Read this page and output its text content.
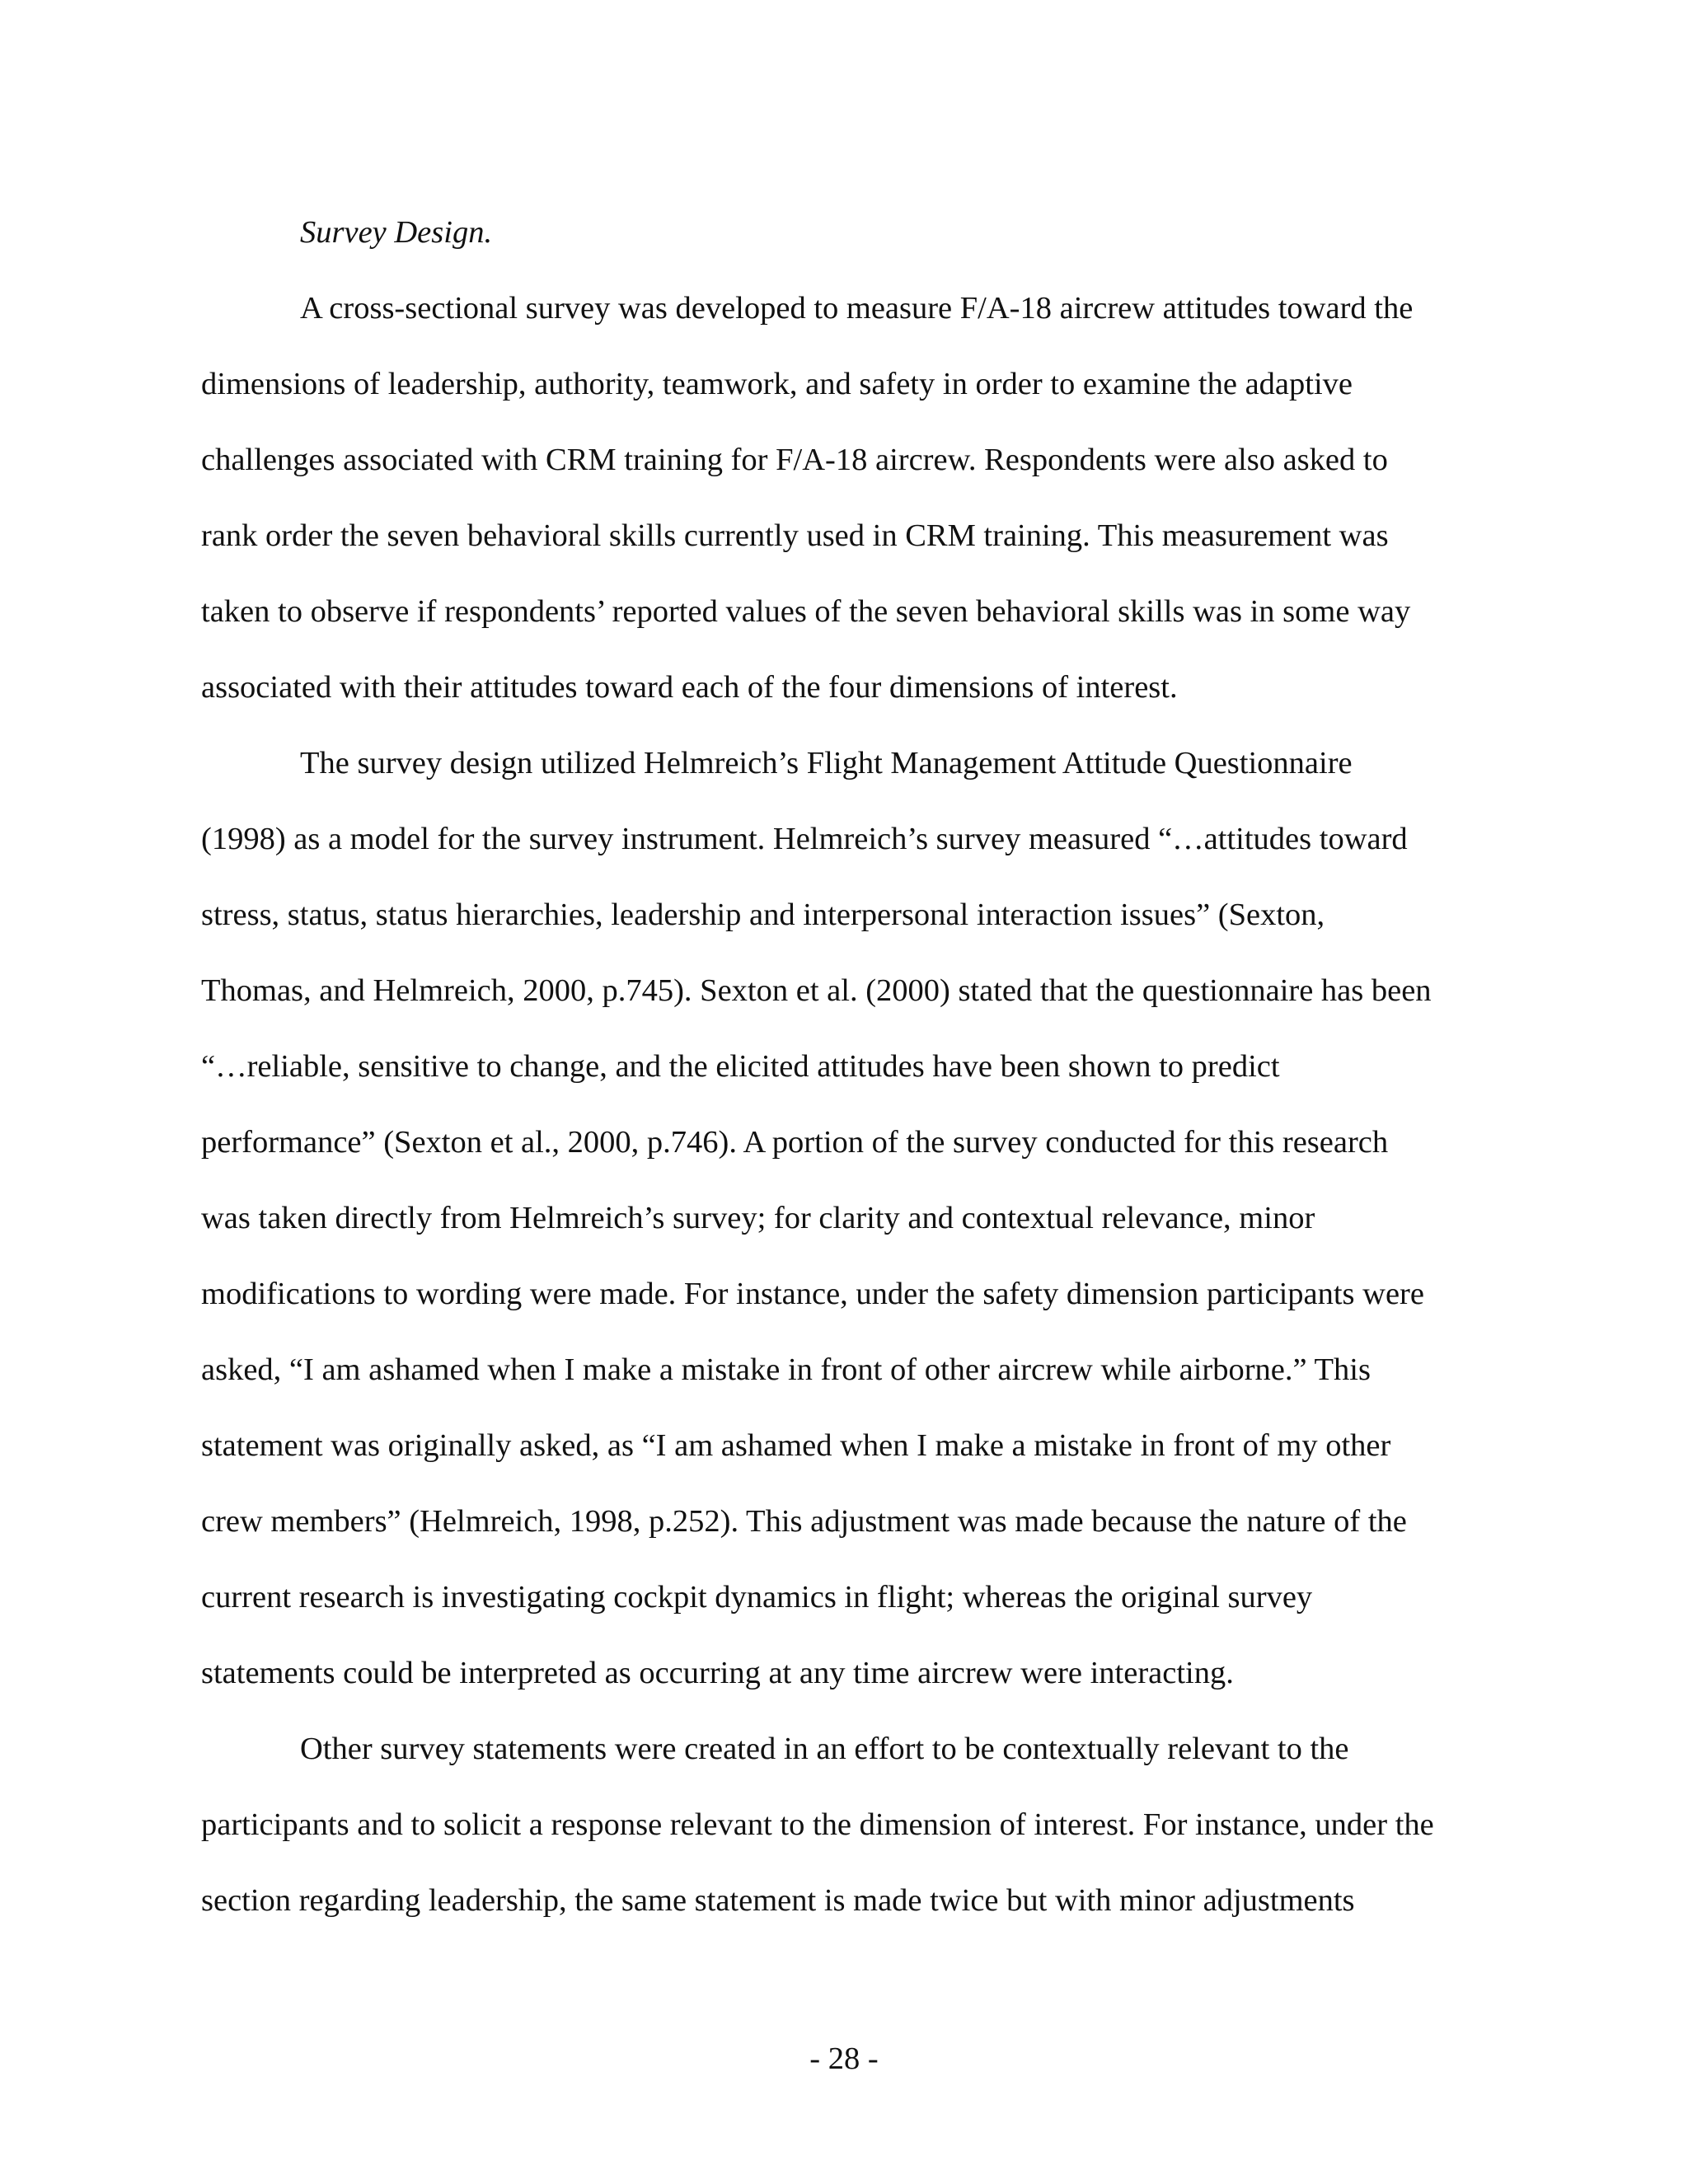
Survey Design.
A cross-sectional survey was developed to measure F/A-18 aircrew attitudes toward the
dimensions of leadership, authority, teamwork, and safety in order to examine the adaptive
challenges associated with CRM training for F/A-18 aircrew. Respondents were also asked to
rank order the seven behavioral skills currently used in CRM training. This measurement was
taken to observe if respondents’ reported values of the seven behavioral skills was in some way
associated with their attitudes toward each of the four dimensions of interest.
The survey design utilized Helmreich’s Flight Management Attitude Questionnaire
(1998) as a model for the survey instrument. Helmreich’s survey measured “…attitudes toward
stress, status, status hierarchies, leadership and interpersonal interaction issues” (Sexton,
Thomas, and Helmreich, 2000, p.745). Sexton et al. (2000) stated that the questionnaire has been
“…reliable, sensitive to change, and the elicited attitudes have been shown to predict
performance” (Sexton et al., 2000, p.746). A portion of the survey conducted for this research
was taken directly from Helmreich’s survey; for clarity and contextual relevance, minor
modifications to wording were made. For instance, under the safety dimension participants were
asked, “I am ashamed when I make a mistake in front of other aircrew while airborne.” This
statement was originally asked, as “I am ashamed when I make a mistake in front of my other
crew members” (Helmreich, 1998, p.252). This adjustment was made because the nature of the
current research is investigating cockpit dynamics in flight; whereas the original survey
statements could be interpreted as occurring at any time aircrew were interacting.
Other survey statements were created in an effort to be contextually relevant to the
participants and to solicit a response relevant to the dimension of interest. For instance, under the
section regarding leadership, the same statement is made twice but with minor adjustments
- 28 -
